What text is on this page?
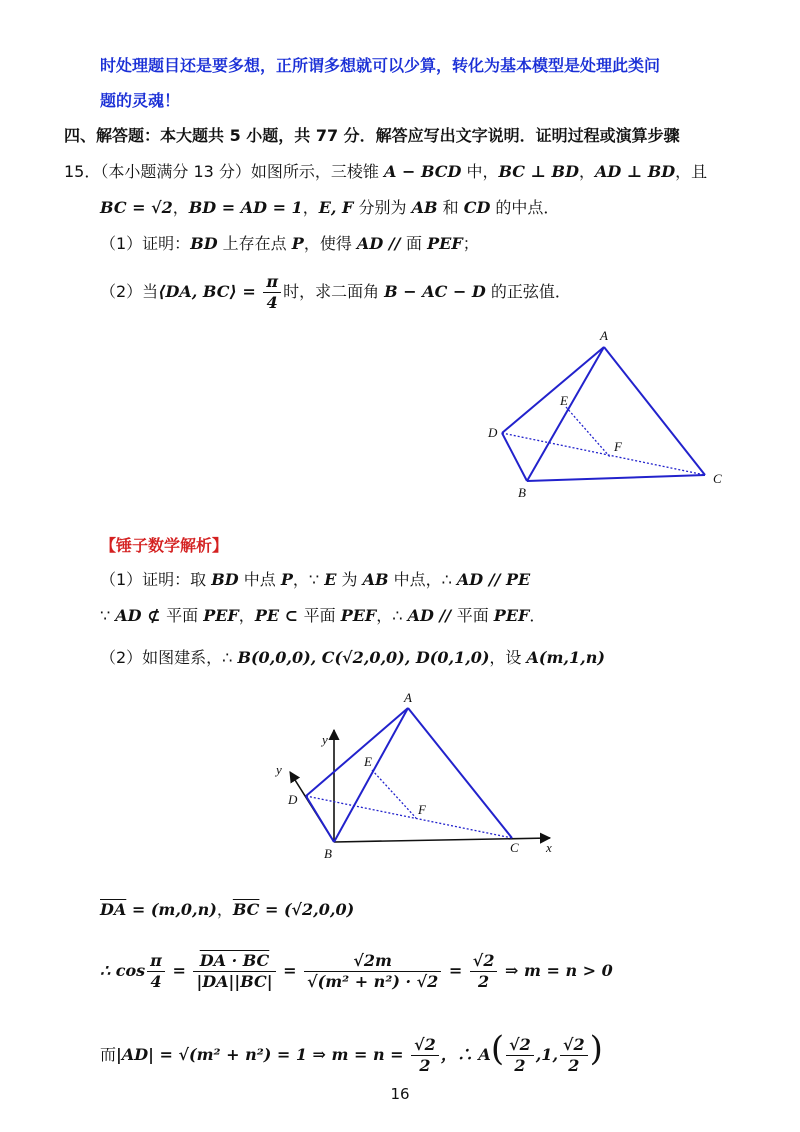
时处理题目还是要多想，正所谓多想就可以少算，转化为基本模型是处理此类问
题的灵魂！
四、解答题：本大题共 5 小题，共 77 分．解答应写出文字说明．证明过程或演算步骤
15．（本小题满分 13 分）如图所示，三棱锥 A − BCD 中，BC ⊥ BD，AD ⊥ BD，且
BC = √2，BD = AD = 1，E, F 分别为 AB 和 CD 的中点．
（1）证明：BD 上存在点 P，使得 AD // 面 PEF；
（2）当⟨DA, BC⟩ = $\frac{\pi}{4}$ 时，求二面角 B − AC − D 的正弦值．
A
D
B
C
E
F
【锤子数学解析】
（1）证明：取 BD 中点 P，∵ E 为 AB 中点，∴ AD // PE
∵ AD ⊄ 平面 PEF，PE ⊂ 平面 PEF，∴ AD // 平面 PEF．
（2）如图建系，∴ B(0,0,0), C(√2,0,0), D(0,1,0)，设 A(m,1,n)
A
D
B	C
E
F
x
y
y
$\overline{DA} = (m,0,n)$，$\overline{BC} = (√2,0,0)$
∴ $\cos \frac{\pi}{4} = \frac{DA \cdot BC}{|DA||BC|} = \frac{√2m}{\text{√(m² + n²) · √2}} = \frac{√2}{2}$ ⇒ m = n > 0
而|AD| = √(m² + n²) = 1 ⇒ $m = n = \frac{√2}{2}$ ，∴ $A( \frac{√2}{2} ,1$, $\frac{√2}{2}$ )
16
